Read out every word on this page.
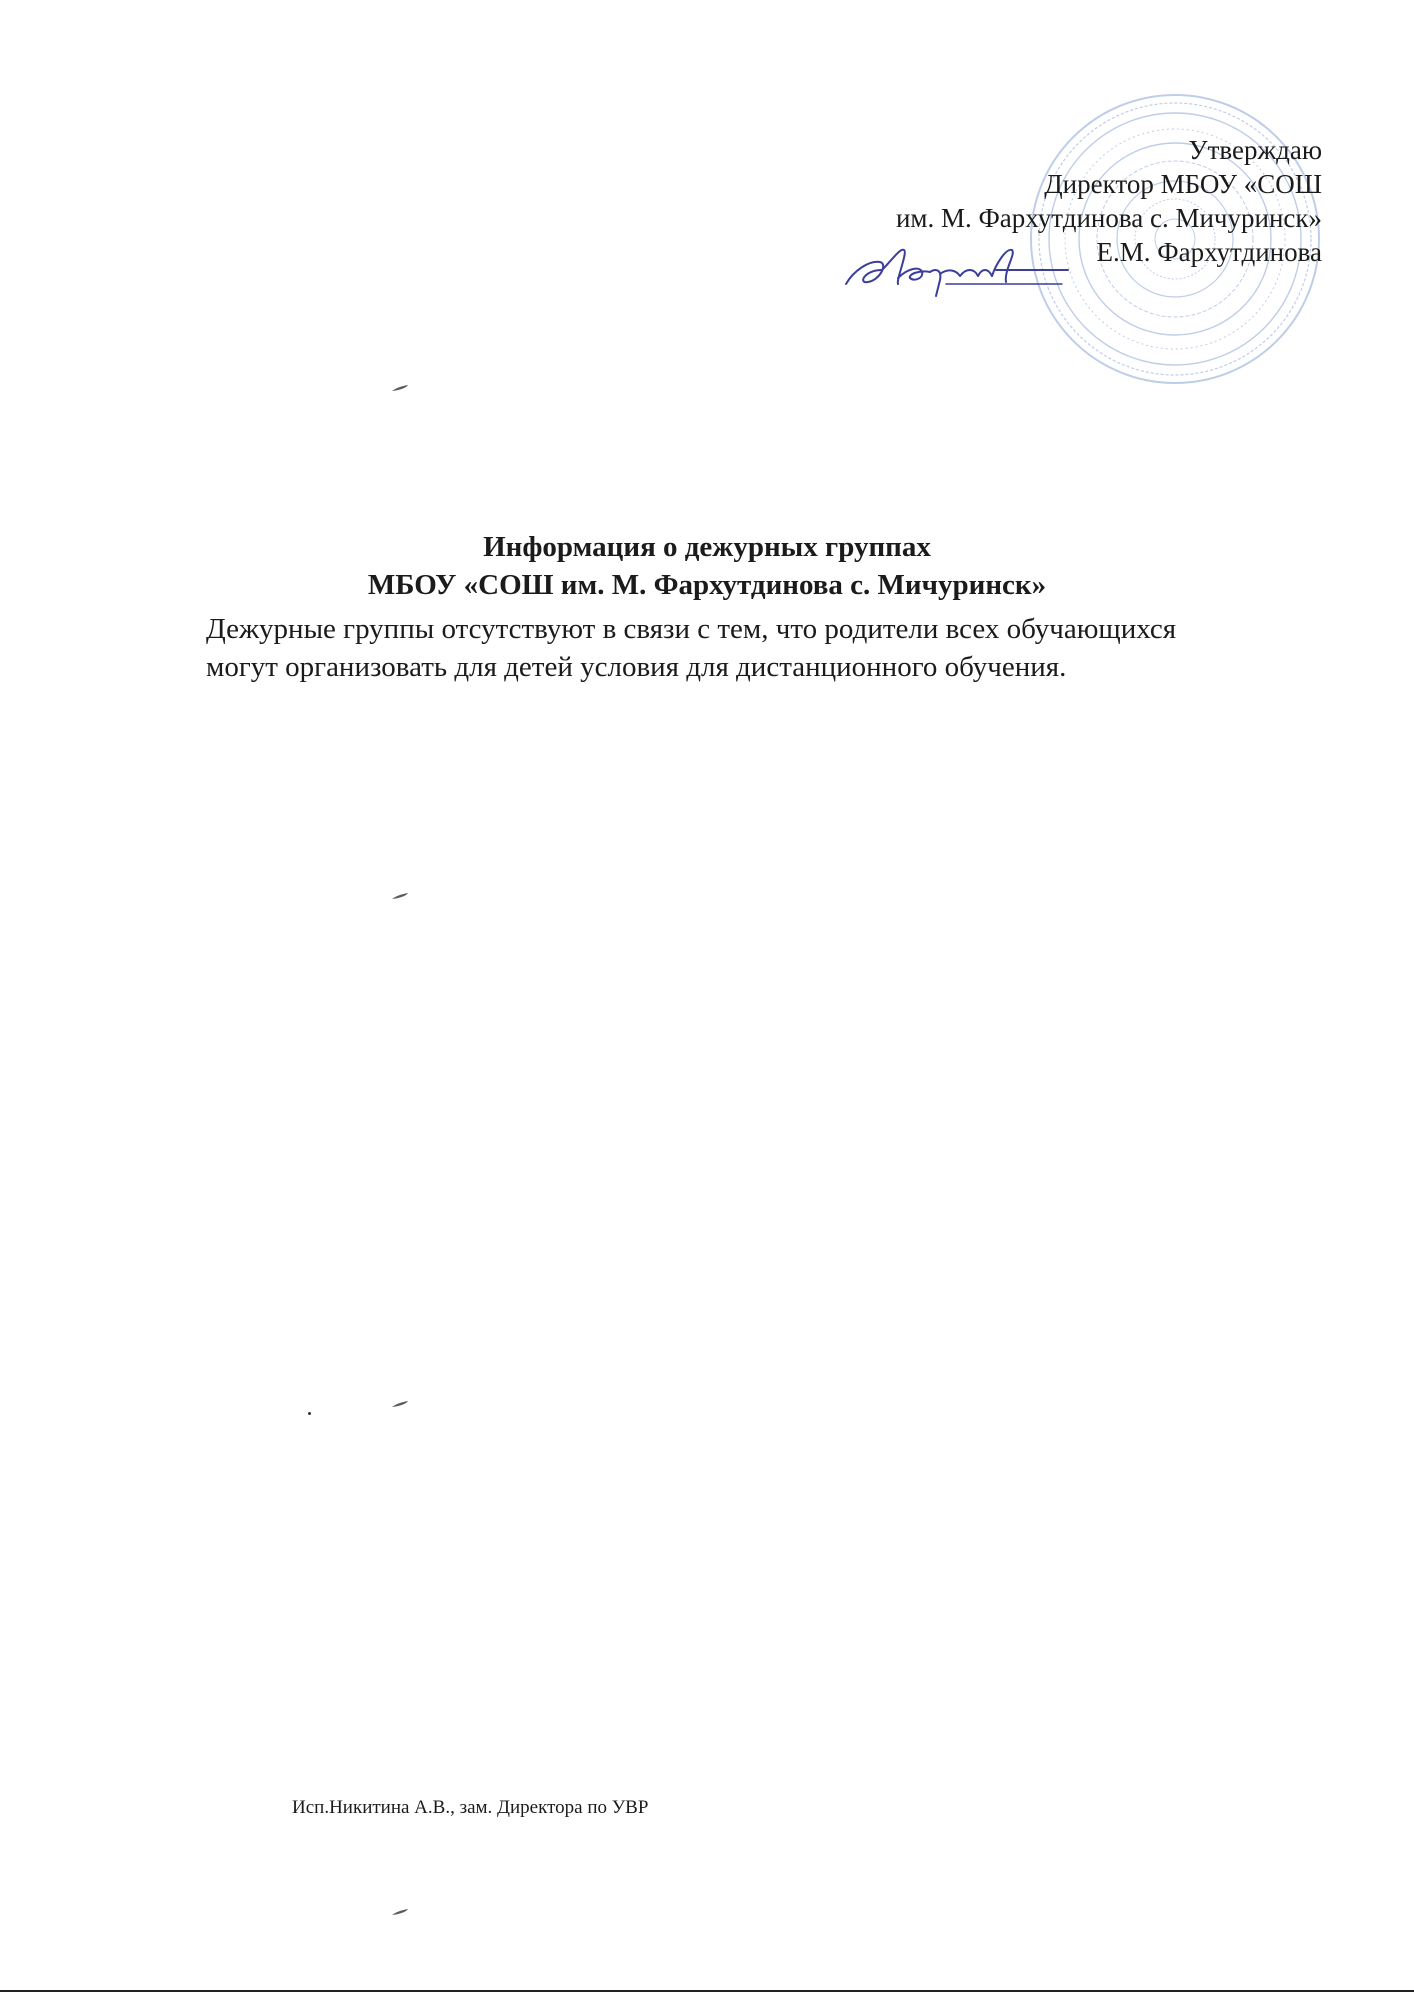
Утверждаю
Директор МБОУ «СОШ
им. М. Фархутдинова с. Мичуринск»
Е.М. Фархутдинова
Информация о дежурных группах
МБОУ «СОШ им. М. Фархутдинова с. Мичуринск»
Дежурные группы отсутствуют в связи с тем, что родители всех обучающихся
могут организовать для детей условия для дистанционного обучения.
Исп.Никитина А.В., зам. Директора по УВР
